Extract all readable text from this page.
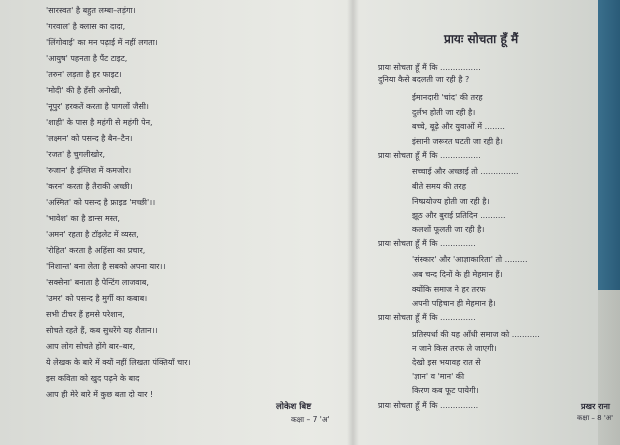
'सारस्वत' है बहुत लम्बा–तड़ंगा।
'गरवाल' है क्लास का दादा,
'लिंगोवाई' का मन पढ़ाई में नहीं लगता।
'आयुष' पहनता है पैंट टाइट,
'तरुन' लड़ता है हर फाइट।
'मोदी' की है हँसी अनोखी,
'नूपुर' हरकतें करता है पागलों जैसी।
'शाही' के पास है महंगी से महंगी पेन,
'लक्ष्मन' को पसन्द है बैन–टैन।
'रजत' है चुगलीखोर,
'रुजान' है इंग्लिश में कमजोर।
'करन' करता है तैराकी अच्छी।
'अस्मित' को पसन्द है फ्राइड 'मच्छी'।।
'भावेश' का है डान्स मस्त,
'अमन' रहता है टॉइलेट में व्यस्त,
'रोहित' करता है अहिंसा का प्रचार,
'निशान्त' बना लेता है सबको अपना यार।।
'सक्सेना' बनाता है पेन्टिंग लाजवाब,
'उमर' को पसन्द है मुर्गी का कबाब।
सभी टीचर हैं हमसे परेशान,
सोचते रहते हैं, कब सुधरेंगे यह शैतान।।
आप लोग सोचते होंगे बार–बार,
ये लेखक के बारे में क्यों नहीं लिखता पंक्तियाँ चार।
इस कविता को खुद पढ़ने के बाद
आप ही मेरे बारे में कुछ बता दो यार !
लोकेश बिष्ट
कक्षा – 7 'अ'
प्रायः सोचता हूँ मैं
प्रायः सोचता हूँ मैं कि ................
दुनिया कैसे बदलती जा रही है ?
ईमानदारी 'चांद' की तरह
दुर्लभ होती जा रही है।
बच्चे, बूढ़े और युवाओं में ........
इंसानी जरूरत घटती जा रही है।
प्रायः सोचता हूँ मैं कि ................
सच्चाई और अच्छाई तो ...............
बीते समय की तरह
निष्प्रयोज्य होती जा रही है।
झूठ और बुराई प्रतिदिन ..........
कलशों फूलती जा रही है।
प्रायः सोचता हूँ मैं कि ..............
'संस्कार' और 'आज्ञाकारिता' तो .........
अब चन्द दिनों के ही मेहमान हैं।
क्योंकि समाज ने हर तरफ
अपनी पहिचान ही मेहमान है।
प्रायः सोचता हूँ मैं कि ..............
प्रतिस्पर्धा की यह आँधी समाज को ...........
न जाने किस तरफ ले जाएगी।
देखो इस भयावह रात से
'ज्ञान' व 'मान' की
किरण कब फूट पायेगी।
प्रायः सोचता हूँ मैं कि ...............	प्रखर राना
कक्षा – 8 'अ'
